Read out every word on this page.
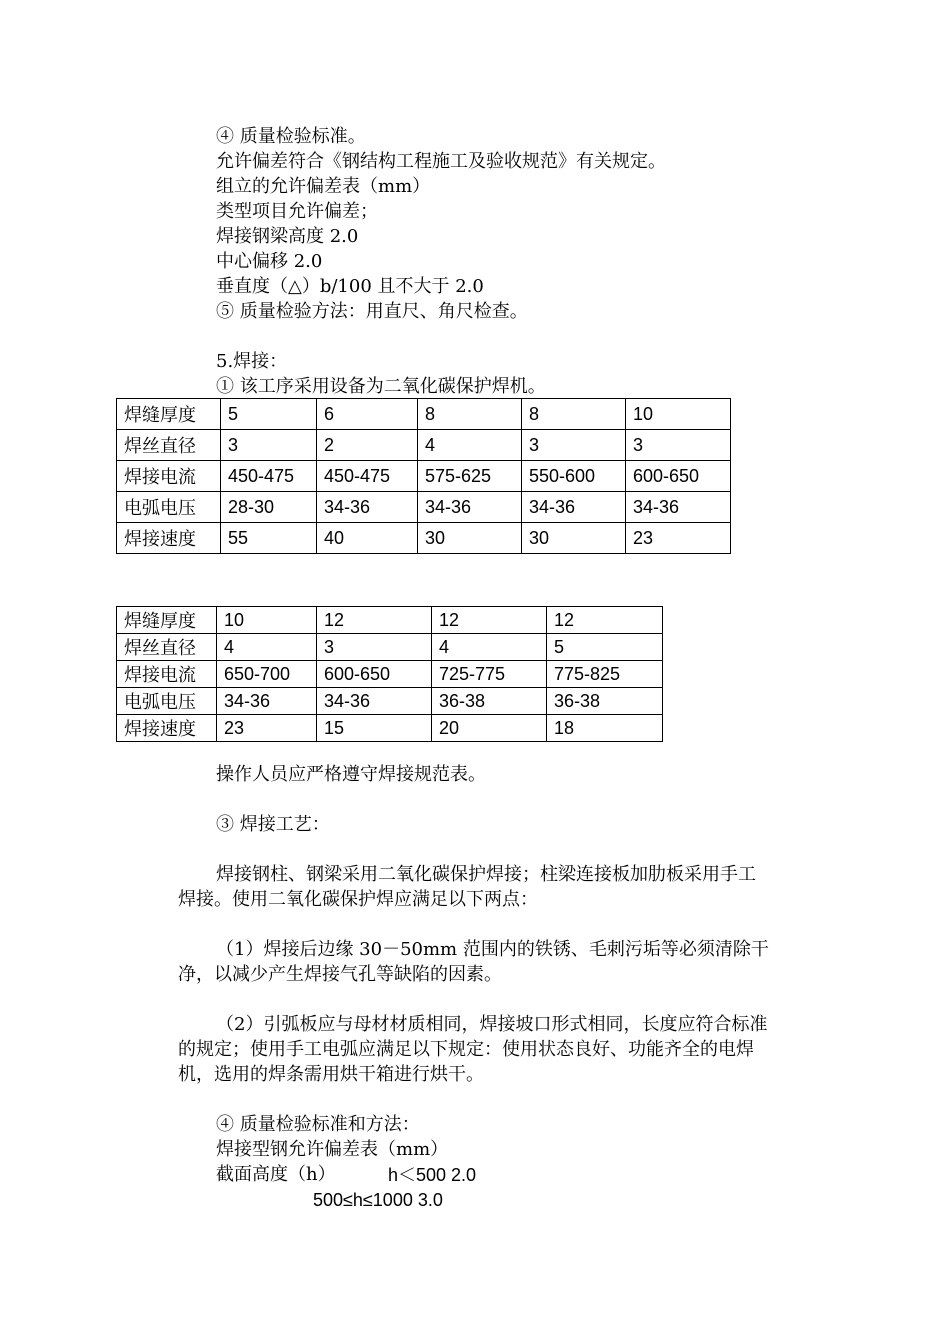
④ 质量检验标准。
允许偏差符合《钢结构工程施工及验收规范》有关规定。
组立的允许偏差表（mm）
类型项目允许偏差；
焊接钢梁高度 2.0
中心偏移 2.0
垂直度（△）b/100 且不大于 2.0
⑤ 质量检验方法：用直尺、角尺检查。
5.焊接：
① 该工序采用设备为二氧化碳保护焊机。
焊缝厚度	5	6	8	8	10
焊丝直径	3	2	4	3	3
焊接电流	450-475	450-475	575-625	550-600	600-650
电弧电压	28-30	34-36	34-36	34-36	34-36
焊接速度	55	40	30	30	23
焊缝厚度	10	12	12	12
焊丝直径	4	3	4	5
焊接电流	650-700	600-650	725-775	775-825
电弧电压	34-36	34-36	36-38	36-38
焊接速度	23	15	20	18
操作人员应严格遵守焊接规范表。
③ 焊接工艺：
焊接钢柱、钢梁采用二氧化碳保护焊接；柱梁连接板加肋板采用手工
焊接。使用二氧化碳保护焊应满足以下两点：
（1）焊接后边缘 30－50mm 范围内的铁锈、毛刺污垢等必须清除干
净，以减少产生焊接气孔等缺陷的因素。
（2）引弧板应与母材材质相同，焊接坡口形式相同，长度应符合标准
的规定；使用手工电弧应满足以下规定：使用状态良好、功能齐全的电焊
机，选用的焊条需用烘干箱进行烘干。
④ 质量检验标准和方法：
焊接型钢允许偏差表（mm）
截面高度（h）	h＜500 2.0
500≤h≤1000 3.0
